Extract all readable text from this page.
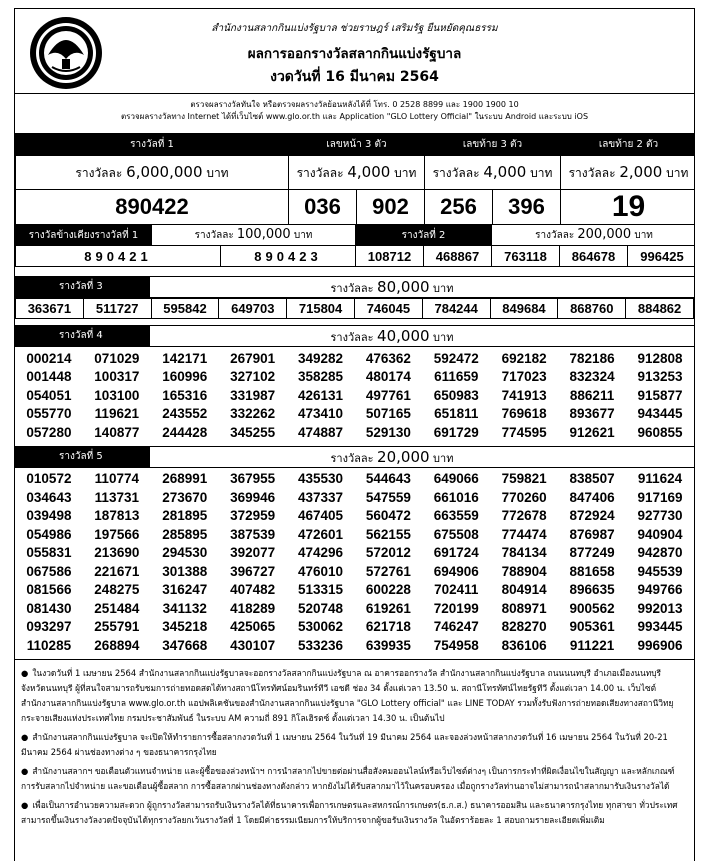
สำนักงานสลากกินแบ่งรัฐบาล ช่วยราษฎร์ เสริมรัฐ ยืนหยัดคุณธรรม
ผลการออกรางวัลสลากกินแบ่งรัฐบาล
งวดวันที่ 16 มีนาคม 2564
ตรวจผลรางวัลทันใจ หรือตรวจผลรางวัลย้อนหลังได้ที่ โทร. 0 2528 8899 และ 1900 1900 10
ตรวจผลรางวัลทาง Internet ได้ที่เว็บไซต์ www.glo.or.th และ Application "GLO Lottery Official" ในระบบ Android และระบบ iOS
รางวัลที่ 1	เลขหน้า 3 ตัว		เลขท้าย 3 ตัว		เลขท้าย 2 ตัว
รางวัลละ 6,000,000 บาท	รางวัลละ 4,000 บาท		รางวัลละ 4,000 บาท		รางวัลละ 2,000 บาท
890422	036	902	256	396	19
รางวัลข้างเคียงรางวัลที่ 1	รางวัลละ 100,000 บาท		รางวัลที่ 2		รางวัลละ 200,000 บาท		
890421		890423	108712	468867	763118	864678	996425
รางวัลที่ 3	รางวัลละ 80,000 บาท
363671	511727	595842	649703	715804	746045	784244	849684	868760	884862
รางวัลที่ 4	รางวัลละ 40,000 บาท
000214	071029	142171	267901	349282	476362	592472	692182	782186	912808
001448	100317	160996	327102	358285	480174	611659	717023	832324	913253
054051	103100	165316	331987	426131	497761	650983	741913	886211	915877
055770	119621	243552	332262	473410	507165	651811	769618	893677	943445
057280	140877	244428	345255	474887	529130	691729	774595	912621	960855
รางวัลที่ 5	รางวัลละ 20,000 บาท
010572	110774	268991	367955	435530	544643	649066	759821	838507	911624
034643	113731	273670	369946	437337	547559	661016	770260	847406	917169
039498	187813	281895	372959	467405	560472	663559	772678	872924	927730
054986	197566	285895	387539	472601	562155	675508	774474	876987	940904
055831	213690	294530	392077	474296	572012	691724	784134	877249	942870
067586	221671	301388	396727	476010	572761	694906	788904	881658	945539
081566	248275	316247	407482	513315	600228	702411	804914	896635	949766
081430	251484	341132	418289	520748	619261	720199	808971	900562	992013
093297	255791	345218	425065	530062	621718	746247	828270	905361	993445
110285	268894	347668	430107	533236	639935	754958	836106	911221	996906
● ในงวดวันที่ 1 เมษายน 2564 สำนักงานสลากกินแบ่งรัฐบาลจะออกรางวัลสลากกินแบ่งรัฐบาล ณ อาคารออกรางวัล สำนักงานสลากกินแบ่งรัฐบาล ถนนนนทบุรี อำเภอเมืองนนทบุรี จังหวัดนนทบุรี ผู้ที่สนใจสามารถรับชมการถ่ายทอดสดได้ทางสถานีโทรทัศน์อมรินทร์ทีวี เอชดี ช่อง 34 ตั้งแต่เวลา 13.50 น. สถานีโทรทัศน์ไทยรัฐทีวี ตั้งแต่เวลา 14.00 น. เว็บไซต์สำนักงานสลากกินแบ่งรัฐบาล www.glo.or.th แอปพลิเคชันของสำนักงานสลากกินแบ่งรัฐบาล "GLO Lottery official" และ LINE TODAY รวมทั้งรับฟังการถ่ายทอดเสียงทางสถานีวิทยุกระจายเสียงแห่งประเทศไทย กรมประชาสัมพันธ์ ในระบบ AM ความถี่ 891 กิโลเฮิรตซ์ ตั้งแต่เวลา 14.30 น. เป็นต้นไป
● สำนักงานสลากกินแบ่งรัฐบาล จะเปิดให้ทำรายการซื้อสลากงวดวันที่ 1 เมษายน 2564 ในวันที่ 19 มีนาคม 2564 และจองล่วงหน้าสลากงวดวันที่ 16 เมษายน 2564 ในวันที่ 20-21 มีนาคม 2564 ผ่านช่องทางต่าง ๆ ของธนาคารกรุงไทย
● สำนักงานสลากฯ ขอเตือนตัวแทนจำหน่าย และผู้ซื้อของล่วงหน้าฯ การนำสลากไปขายต่อผ่านสื่อสังคมออนไลน์หรือเว็บไซต์ต่างๆ เป็นการกระทำที่ผิดเงื่อนไขในสัญญา และหลักเกณฑ์การรับสลากไปจำหน่าย และขอเตือนผู้ซื้อสลาก การซื้อสลากผ่านช่องทางดังกล่าว หากยังไม่ได้รับสลากมาไว้ในครอบครอง เมื่อถูกรางวัลท่านอาจไม่สามารถนำสลากมารับเงินรางวัลได้
● เพื่อเป็นการอำนวยความสะดวก ผู้ถูกรางวัลสามารถรับเงินรางวัลได้ที่ธนาคารเพื่อการเกษตรและสหกรณ์การเกษตร(ธ.ก.ส.) ธนาคารออมสิน และธนาคารกรุงไทย ทุกสาขา ทั่วประเทศ สามารถขึ้นเงินรางวัลงวดปัจจุบันได้ทุกรางวัลยกเว้นรางวัลที่ 1 โดยมีค่าธรรมเนียมการให้บริการจากผู้ขอรับเงินรางวัล ในอัตราร้อยละ 1 สอบถามรายละเอียดเพิ่มเติม
